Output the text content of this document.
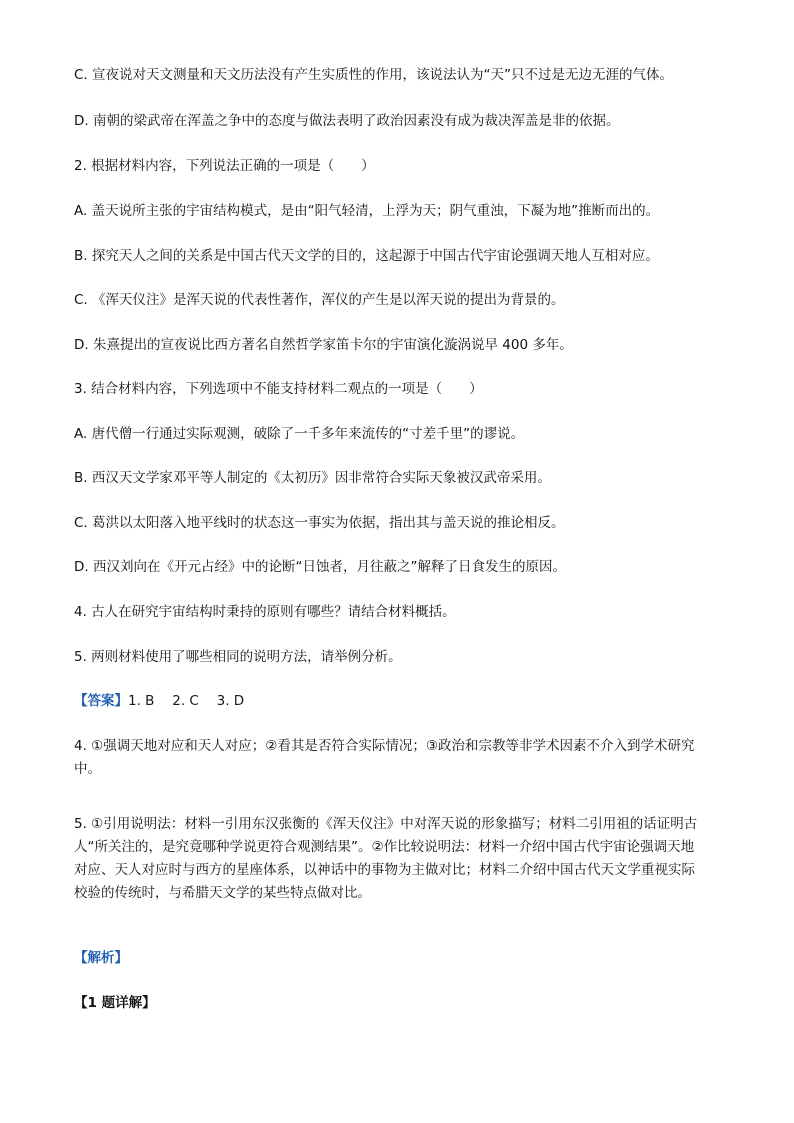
C. 宣夜说对天文测量和天文历法没有产生实质性的作用，该说法认为“天”只不过是无边无涯的气体。
D. 南朝的梁武帝在浑盖之争中的态度与做法表明了政治因素没有成为裁决浑盖是非的依据。
2. 根据材料内容，下列说法正确的一项是（　　）
A. 盖天说所主张的宇宙结构模式，是由“阳气轻清，上浮为天；阴气重浊，下凝为地”推断而出的。
B. 探究天人之间的关系是中国古代天文学的目的，这起源于中国古代宇宙论强调天地人互相对应。
C. 《浑天仪注》是浑天说的代表性著作，浑仪的产生是以浑天说的提出为背景的。
D. 朱熹提出的宣夜说比西方著名自然哲学家笛卡尔的宇宙演化漩涡说早 400 多年。
3. 结合材料内容，下列选项中不能支持材料二观点的一项是（　　）
A. 唐代僧一行通过实际观测，破除了一千多年来流传的“寸差千里”的谬说。
B. 西汉天文学家邓平等人制定的《太初历》因非常符合实际天象被汉武帝采用。
C. 葛洪以太阳落入地平线时的状态这一事实为依据，指出其与盖天说的推论相反。
D. 西汉刘向在《开元占经》中的论断“日蚀者，月往蔽之”解释了日食发生的原因。
4. 古人在研究宇宙结构时秉持的原则有哪些？请结合材料概括。
5. 两则材料使用了哪些相同的说明方法，请举例分析。
【答案】1. B　 2. C　 3. D
4. ①强调天地对应和天人对应；②看其是否符合实际情况；③政治和宗教等非学术因素不介入到学术研究
中。
5. ①引用说明法：材料一引用东汉张衡的《浑天仪注》中对浑天说的形象描写；材料二引用祖的话证明古
人“所关注的，是究竟哪种学说更符合观测结果”。②作比较说明法：材料一介绍中国古代宇宙论强调天地
对应、天人对应时与西方的星座体系，以神话中的事物为主做对比；材料二介绍中国古代天文学重视实际
校验的传统时，与希腊天文学的某些特点做对比。
【解析】
【1 题详解】
